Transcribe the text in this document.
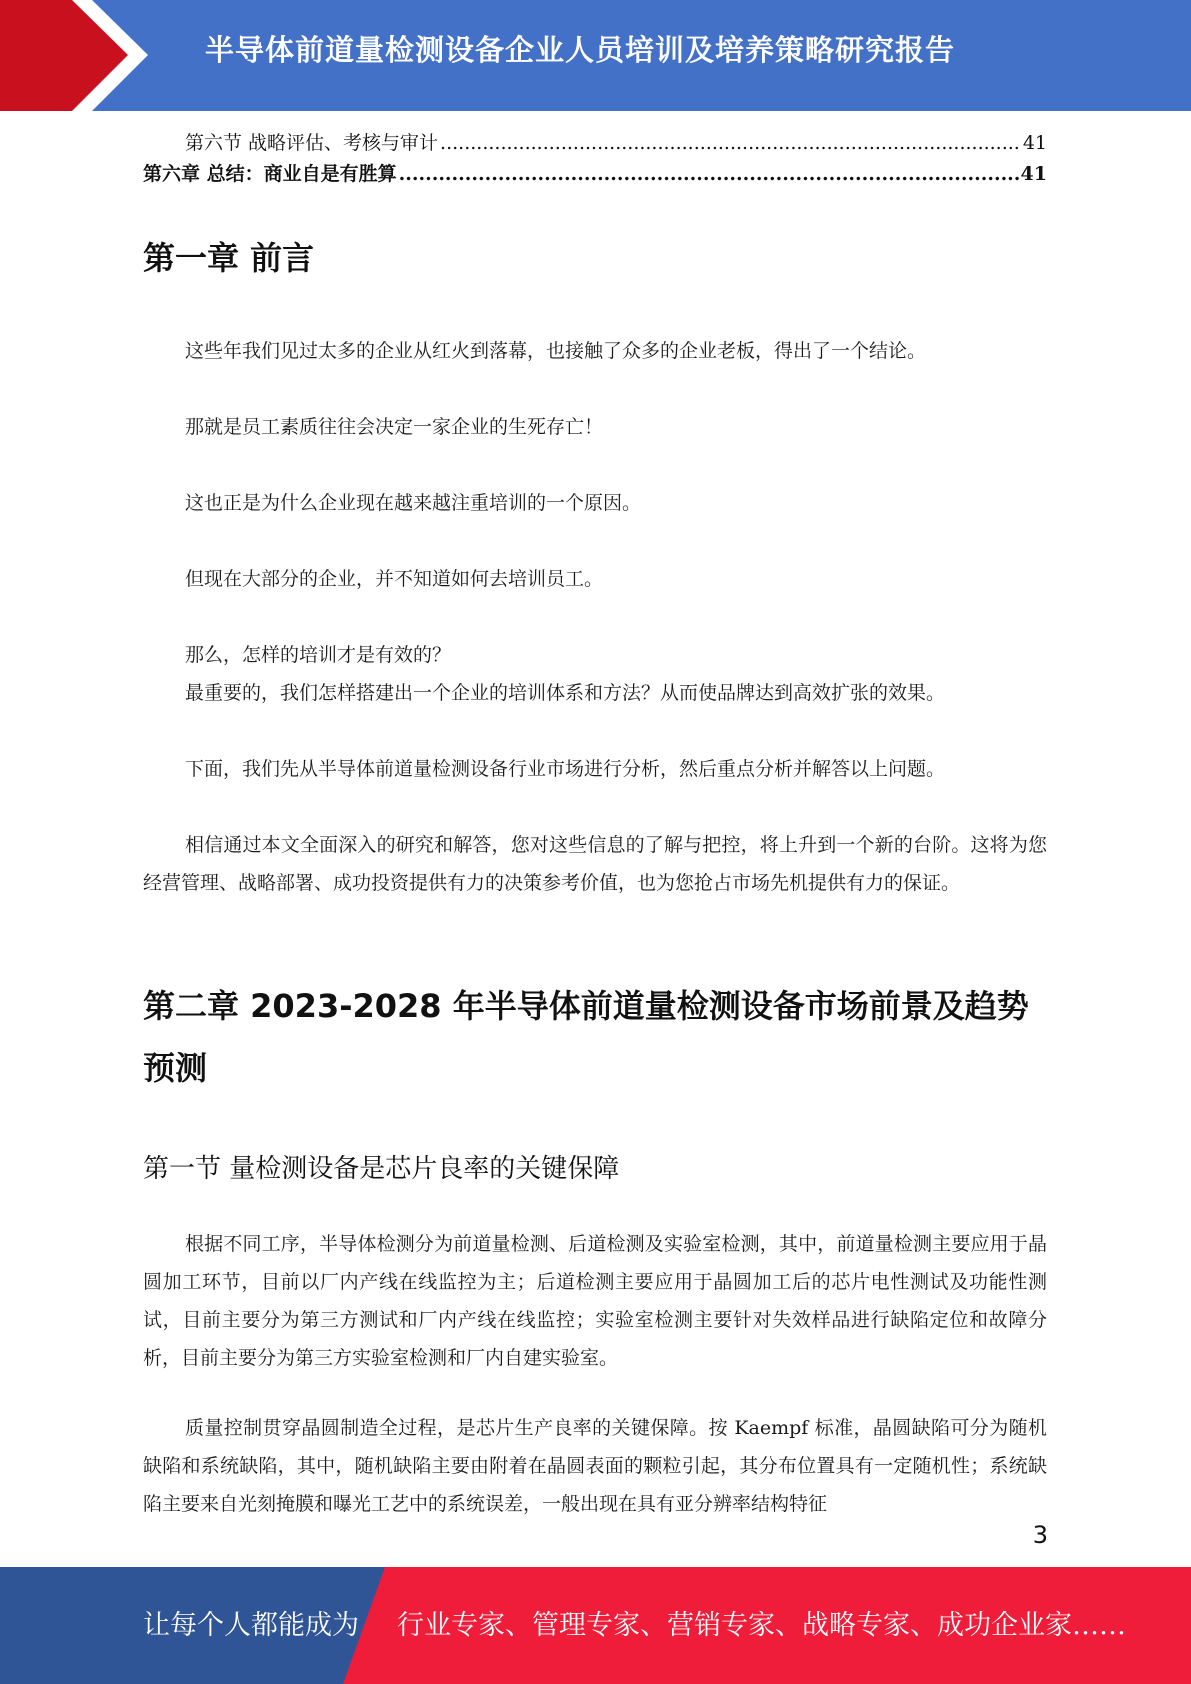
半导体前道量检测设备企业人员培训及培养策略研究报告
第六节 战略评估、考核与审计 .....	41
第六章 总结：商业自是有胜算 .....	41
第一章 前言

这些年我们见过太多的企业从红火到落幕，也接触了众多的企业老板，得出了一个结论。

那就是员工素质往往会决定一家企业的生死存亡！

这也正是为什么企业现在越来越注重培训的一个原因。

但现在大部分的企业，并不知道如何去培训员工。

那么，怎样的培训才是有效的？

最重要的，我们怎样搭建出一个企业的培训体系和方法？从而使品牌达到高效扩张的效果。

下面，我们先从半导体前道量检测设备行业市场进行分析，然后重点分析并解答以上问题。

相信通过本文全面深入的研究和解答，您对这些信息的了解与把控，将上升到一个新的台阶。这将为您经营管理、战略部署、成功投资提供有力的决策参考价值，也为您抢占市场先机提供有力的保证。

第二章 2023-2028 年半导体前道量检测设备市场前景及趋势预测
第一节 量检测设备是芯片良率的关键保障

根据不同工序，半导体检测分为前道量检测、后道检测及实验室检测，其中，前道量检测主要应用于晶圆加工环节，目前以厂内产线在线监控为主；后道检测主要应用于晶圆加工后的芯片电性测试及功能性测试，目前主要分为第三方测试和厂内产线在线监控；实验室检测主要针对失效样品进行缺陷定位和故障分析，目前主要分为第三方实验室检测和厂内自建实验室。

质量控制贯穿晶圆制造全过程，是芯片生产良率的关键保障。按 Kaempf 标准，晶圆缺陷可分为随机缺陷和系统缺陷，其中，随机缺陷主要由附着在晶圆表面的颗粒引起，其分布位置具有一定随机性；系统缺陷主要来自光刻掩膜和曝光工艺中的系统误差，一般出现在具有亚分辨率结构特征

3
让每个人都能成为 行业专家、管理专家、营销专家、战略专家、成功企业家……
